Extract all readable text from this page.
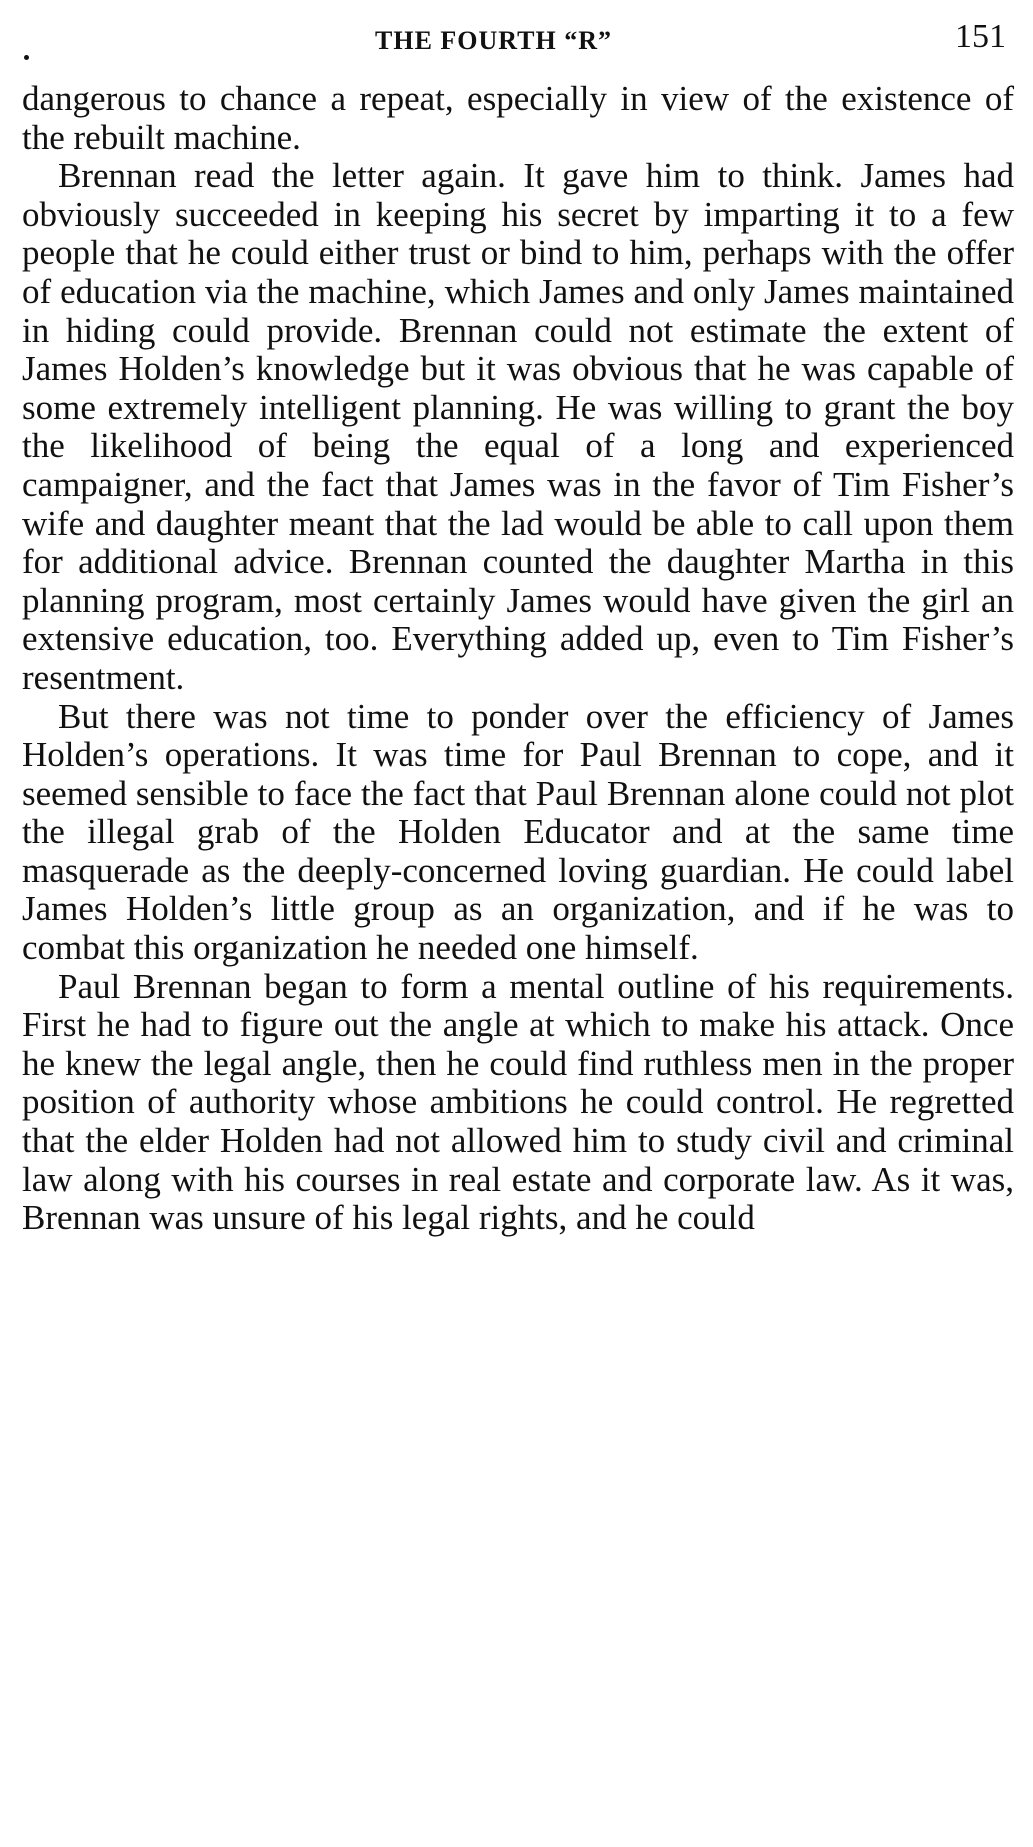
THE FOURTH “R”	151

dangerous to chance a repeat, especially in view of the existence of the rebuilt machine.

Brennan read the letter again. It gave him to think. James had obviously succeeded in keeping his secret by imparting it to a few people that he could either trust or bind to him, perhaps with the offer of education via the machine, which James and only James maintained in hiding could provide. Brennan could not estimate the extent of James Holden’s knowledge but it was obvious that he was capable of some extremely intelligent planning. He was willing to grant the boy the likelihood of being the equal of a long and experienced campaigner, and the fact that James was in the favor of Tim Fisher’s wife and daughter meant that the lad would be able to call upon them for additional advice. Brennan counted the daughter Martha in this planning program, most certainly James would have given the girl an extensive education, too. Everything added up, even to Tim Fisher’s resentment.

But there was not time to ponder over the efficiency of James Holden’s operations. It was time for Paul Brennan to cope, and it seemed sensible to face the fact that Paul Brennan alone could not plot the illegal grab of the Holden Educator and at the same time masquerade as the deeply-concerned loving guardian. He could label James Holden’s little group as an organization, and if he was to combat this organization he needed one himself.

Paul Brennan began to form a mental outline of his requirements. First he had to figure out the angle at which to make his attack. Once he knew the legal angle, then he could find ruthless men in the proper position of authority whose ambitions he could control. He regretted that the elder Holden had not allowed him to study civil and criminal law along with his courses in real estate and corporate law. As it was, Brennan was unsure of his legal rights, and he could
